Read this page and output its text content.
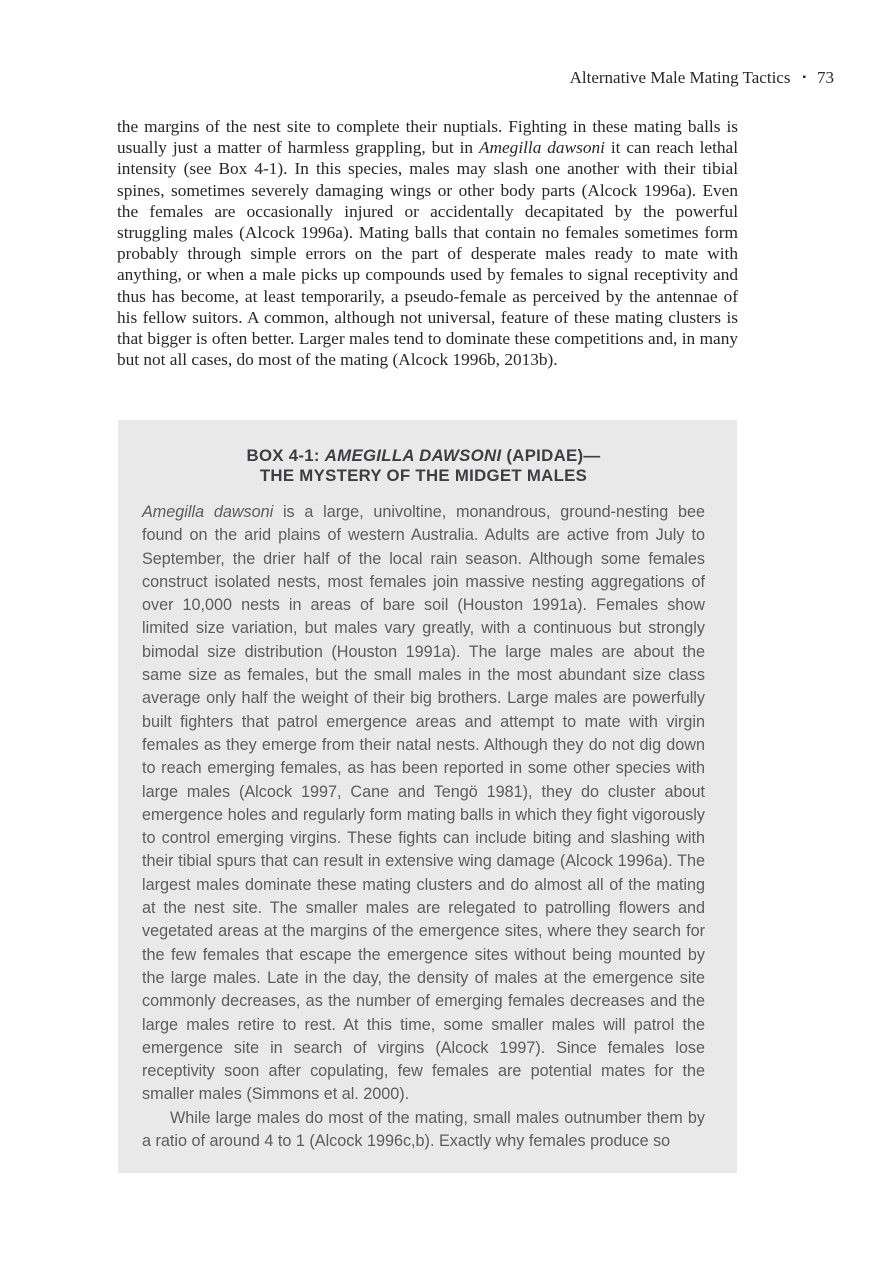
Alternative Male Mating Tactics ▪ 73
the margins of the nest site to complete their nuptials. Fighting in these mating balls is usually just a matter of harmless grappling, but in Amegilla dawsoni it can reach lethal intensity (see Box 4-1). In this species, males may slash one another with their tibial spines, sometimes severely damaging wings or other body parts (Alcock 1996a). Even the females are occasionally injured or accidentally decapitated by the powerful struggling males (Alcock 1996a). Mating balls that contain no females sometimes form probably through simple errors on the part of desperate males ready to mate with anything, or when a male picks up compounds used by females to signal receptivity and thus has become, at least temporarily, a pseudo-female as perceived by the antennae of his fellow suitors. A common, although not universal, feature of these mating clusters is that bigger is often better. Larger males tend to dominate these competitions and, in many but not all cases, do most of the mating (Alcock 1996b, 2013b).
BOX 4-1: AMEGILLA DAWSONI (APIDAE)—
THE MYSTERY OF THE MIDGET MALES

Amegilla dawsoni is a large, univoltine, monandrous, ground-nesting bee found on the arid plains of western Australia. Adults are active from July to September, the drier half of the local rain season. Although some females construct isolated nests, most females join massive nesting aggregations of over 10,000 nests in areas of bare soil (Houston 1991a). Females show limited size variation, but males vary greatly, with a continuous but strongly bimodal size distribution (Houston 1991a). The large males are about the same size as females, but the small males in the most abundant size class average only half the weight of their big brothers. Large males are powerfully built fighters that patrol emergence areas and attempt to mate with virgin females as they emerge from their natal nests. Although they do not dig down to reach emerging females, as has been reported in some other species with large males (Alcock 1997, Cane and Tengö 1981), they do cluster about emergence holes and regularly form mating balls in which they fight vigorously to control emerging virgins. These fights can include biting and slashing with their tibial spurs that can result in extensive wing damage (Alcock 1996a). The largest males dominate these mating clusters and do almost all of the mating at the nest site. The smaller males are relegated to patrolling flowers and vegetated areas at the margins of the emergence sites, where they search for the few females that escape the emergence sites without being mounted by the large males. Late in the day, the density of males at the emergence site commonly decreases, as the number of emerging females decreases and the large males retire to rest. At this time, some smaller males will patrol the emergence site in search of virgins (Alcock 1997). Since females lose receptivity soon after copulating, few females are potential mates for the smaller males (Simmons et al. 2000).

While large males do most of the mating, small males outnumber them by a ratio of around 4 to 1 (Alcock 1996c,b). Exactly why females produce so
